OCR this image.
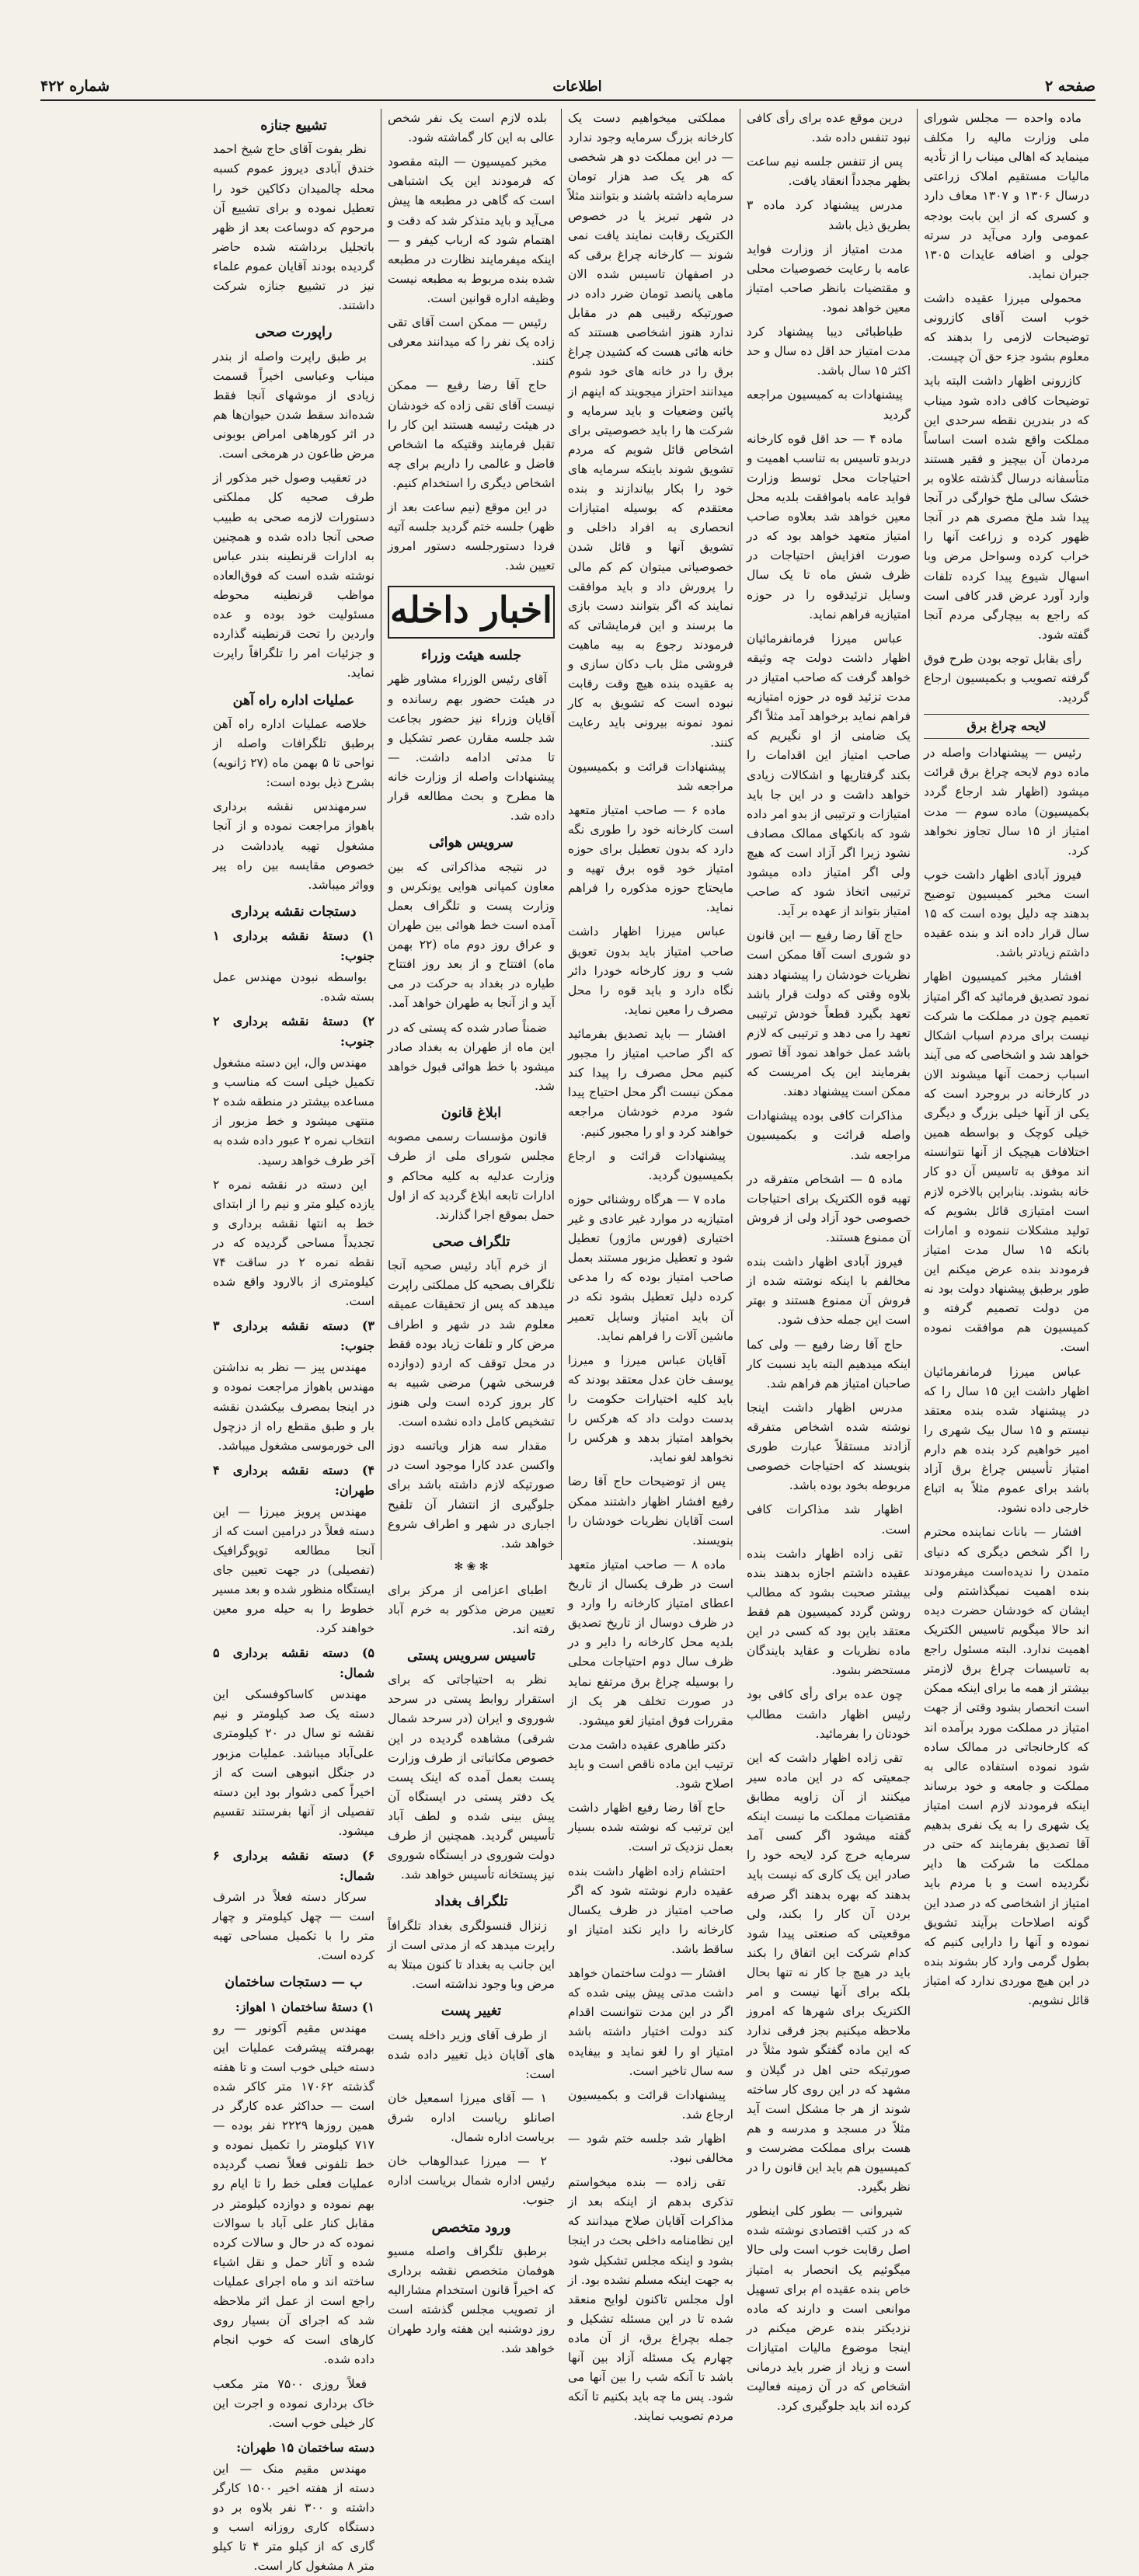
صفحه ۲
اطلاعات
شماره ۴۲۲

ماده واحده — مجلس شورای ملی وزارت مالیه را مکلف مینماید که اهالی میناب را از تأدیه مالیات مستقیم املاک زراعتی درسال ۱۳۰۶ و ۱۳۰۷ معاف دارد و کسری که از این بابت بودجه عمومی وارد می‌آید در سرته جولی و اضافه عایدات ۱۳۰۵ جبران نماید.

محمولی میرزا عقیده داشت خوب است آقای کازرونی توضیحات لازمی را بدهند که معلوم بشود جزء حق آن چیست.

کازرونی اظهار داشت البته باید توضیحات کافی داده شود میناب که در بندرین نقطه سرحدی این مملکت واقع شده است اساساً مردمان آن بیچیز و فقیر هستند متأسفانه درسال گذشته علاوه بر خشک سالی ملخ خوارگی در آنجا پیدا شد ملخ مصری هم در آنجا ظهور کرده و زراعت آنها را خراب کرده وسواحل مرض وبا اسهال شیوع پیدا کرده تلفات وارد آورد عرض قدر کافی است که راجع به بیچارگی مردم آنجا گفته شود.

رأی بقابل توجه بودن طرح فوق گرفته تصویب و بکمیسیون ارجاع گردید.

لایحه چراغ برق

رئیس — پیشنهادات واصله در ماده دوم لایحه چراغ برق قرائت میشود (اظهار شد ارجاع گردد بکمیسیون) ماده سوم — مدت امتیاز از ۱۵ سال تجاوز نخواهد کرد.

فیروز آبادی اظهار داشت خوب است مخبر کمیسیون توضیح بدهند چه دلیل بوده است که ۱۵ سال قرار داده اند و بنده عقیده داشتم زیادتر باشد.

افشار مخبر کمیسیون اظهار نمود تصدیق فرمائید که اگر امتیاز تعمیم چون در مملکت ما شرکت نیست برای مردم اسباب اشکال خواهد شد و اشخاصی که می آیند اسباب زحمت آنها میشوند الان در کارخانه در بروجرد است که یکی از آنها خیلی بزرگ و دیگری خیلی کوچک و بواسطه همین اختلافات هیچیک از آنها نتوانسته اند موفق به تاسیس آن دو کار خانه بشوند. بنابراین بالاخره لازم است امتیازی قائل بشویم که تولید مشکلات ننموده و امارات بانکه ۱۵ سال مدت امتیاز فرمودند بنده عرض میکنم این طور برطبق پیشنهاد دولت بود نه من دولت تصمیم گرفته و کمیسیون هم موافقت نموده است.

عباس میرزا فرمانفرمائیان اظهار داشت این ۱۵ سال را که در پیشنهاد شده بنده معتقد نیستم و ۱۵ سال بیک شهری را امیر خواهیم کرد بنده هم دارم امتیاز تأسیس چراغ برق آزاد باشد برای عموم مثلاً به اتباع خارجی داده نشود.

افشار — بانات نماینده محترم را اگر شخص دیگری که دنیای متمدن را ندیده‌است میفرمودند بنده اهمیت نمیگذاشتم ولی ایشان که خودشان حضرت دیده اند حالا میگویم تاسیس الکتریک اهمیت ندارد. البته مسئول راجع به تاسیسات چراغ برق لازمتر بیشتر از همه ما برای اینکه ممکن است انحصار بشود وقتی از جهت امتیاز در مملکت مورد برآمده اند که کارخانجاتی در ممالک ساده شود نموده استفاده عالی به مملکت و جامعه و خود برساند اینکه فرمودند لازم است امتیاز یک شهری را به یک نفری بدهیم آقا تصدیق بفرمایند که حتی در مملکت ما شرکت ها دایر نگردیده است و با مردم باید امتیاز از اشخاصی که در صدد این گونه اصلاحات برآیند تشویق نموده و آنها را دارایی کنیم که بطول گرمی وارد کار بشوند بنده در این هیچ موردی ندارد که امتیاز قائل نشویم.

درین موقع عده برای رأی کافی نبود تنفس داده شد.

پس از تنفس جلسه نیم ساعت بظهر مجدداً انعقاد یافت.

مدرس پیشنهاد کرد ماده ۳ بطریق ذیل باشد

مدت امتیاز از وزارت فواید عامه با رعایت خصوصیات محلی و مقتضیات بانظر صاحب امتیاز معین خواهد نمود.

طباطبائی دیبا پیشنهاد کرد مدت امتیاز حد اقل ده سال و حد اکثر ۱۵ سال باشد.

پیشنهادات به کمیسیون مراجعه گردید

ماده ۴ — حد اقل قوه کارخانه دربدو تاسیس به تناسب اهمیت و احتیاجات محل توسط وزارت فواید عامه باموافقت بلدیه محل معین خواهد شد بعلاوه صاحب امتیاز متعهد خواهد بود که در صورت افزایش احتیاجات در ظرف شش ماه تا یک سال وسایل تزئیدقوه را در حوزه امتیازیه فراهم نماید.

عباس میرزا فرمانفرمائیان اظهار داشت دولت چه وثیقه خواهد گرفت که صاحب امتیاز در مدت تزئید قوه در حوزه امتیازیه فراهم نماید برخواهد آمد مثلاً اگر یک ضامنی از او نگیریم که صاحب امتیاز این اقدامات را بکند گرفتاریها و اشکالات زیادی خواهد داشت و در این جا باید امتیازات و ترتیبی از بدو امر داده شود که بانکهای ممالک مصادف نشود زیرا اگر آزاد است که هیچ ولی اگر امتیاز داده میشود ترتیبی اتخاذ شود که صاحب امتیاز بتواند از عهده بر آید.

حاج آقا رضا رفیع — این قانون دو شوری است آقا ممکن است نظریات خودشان را پیشنهاد دهند بلاوه وقتی که دولت قرار باشد تعهد بگیرد قطعاً خودش ترتیبی تعهد را می دهد و ترتیبی که لازم باشد عمل خواهد نمود آقا تصور بفرمایند این یک امریست که ممکن است پیشنهاد دهند.

مذاکرات کافی بوده پیشنهادات واصله قرائت و بکمیسیون مراجعه شد.

ماده ۵ — اشخاص متفرقه در تهیه قوه الکتریک برای احتیاجات خصوصی خود آزاد ولی از فروش آن ممنوع هستند.

فیروز آبادی اظهار داشت بنده مخالفم با اینکه نوشته شده از فروش آن ممنوع هستند و بهتر است این جمله حذف شود.

حاج آقا رضا رفیع — ولی کما اینکه میدهیم البته باید نسبت کار صاحبان امتیاز هم فراهم شد.

مدرس اظهار داشت اینجا نوشته شده اشخاص متفرقه آزادند مستقلاً عبارت طوری بنویسند که احتیاجات خصوصی مربوطه بخود بوده باشد.

اظهار شد مذاکرات کافی است.

تقی زاده اظهار داشت بنده عقیده داشتم اجازه بدهند بنده بیشتر صحبت بشود که مطالب روشن گردد کمیسیون هم فقط معتقد باین بود که کسی در این ماده نظریات و عقاید بایندگان مستحضر بشود.

چون عده برای رأی کافی بود رئیس اظهار داشت مطالب خودتان را بفرمائید.

تقی زاده اظهار داشت که این جمعیتی که در این ماده سیر میکنند از آن زاویه مطابق مقتضیات مملکت ما نیست اینکه گفته میشود اگر کسی آمد سرمایه خرج کرد لایحه خود را صادر این یک کاری که نیست باید بدهند که بهره بدهند اگر صرفه بردن آن کار را بکند، ولی موقعیتی که صنعتی پیدا شود کدام شرکت این اتفاق را بکند باید در هیچ جا کار نه تنها بحال بلکه برای آنها نیست و امر الکتریک برای شهرها که امروز ملاحظه میکنیم بجز فرقی ندارد که این ماده گفتگو شود مثلاً در صورتیکه حتی اهل در گیلان و مشهد که در این روی کار ساخته شوند از هر جا مشکل است آید مثلاً در مسجد و مدرسه و هم هست برای مملکت مضرست و کمیسیون هم باید این قانون را در نظر بگیرد.

شیروانی — بطور کلی اینطور که در کتب اقتصادی نوشته شده اصل رقابت خوب است ولی حالا میگوئیم یک انحصار به امتیاز خاص بنده عقیده ام برای تسهیل موانعی است و دارند که ماده نزدیکتر بنده عرض میکنم در اینجا موضوع مالیات امتیازات است و زیاد از ضرر باید درمانی اشخاص که در آن زمینه فعالیت کرده اند باید جلوگیری کرد.

مملکتی میخواهیم دست یک کارخانه بزرگ سرمایه وجود ندارد — در این مملکت دو هر شخصی که هر یک صد هزار تومان سرمایه داشته باشند و بتوانند مثلاً در شهر تبریز یا در خصوص الکتریک رقابت نمایند یافت نمی شوند — کارخانه چراغ برقی که در اصفهان تاسیس شده الان ماهی پانصد تومان ضرر داده در صورتیکه رقیبی هم در مقابل ندارد هنوز اشخاصی هستند که خانه هائی هست که کشیدن چراغ برق را در خانه های خود شوم میدانند احتراز میجویند که اینهم از پائین وضعیات و باید سرمایه و شرکت ها را باید خصوصیتی برای اشخاص قائل شویم که مردم تشویق شوند باینکه سرمایه های خود را بکار بیاندازند و بنده معتقدم که بوسیله امتیازات انحصاری به افراد داخلی و تشویق آنها و قائل شدن خصوصیاتی میتوان کم کم مالی را پرورش داد و باید موافقت نمایند که اگر بتوانند دست بازی ما برسند و این فرمایشاتی که فرمودند رجوع به بیه ماهیت فروشی مثل باب دکان سازی و به عقیده بنده هیچ وقت رقابت نبوده است که تشویق به کار نمود نمونه بیرونی باید رعایت کنند.

پیشنهادات قرائت و بکمیسیون مراجعه شد

ماده ۶ — صاحب امتیاز متعهد است کارخانه خود را طوری نگه دارد که بدون تعطیل برای حوزه امتیاز خود قوه برق تهیه و مایحتاج حوزه مذکوره را فراهم نماید.

عباس میرزا اظهار داشت صاحب امتیاز باید بدون تعویق شب و روز کارخانه خودرا دائر نگاه دارد و باید قوه را محل مصرف را معین نماید.

افشار — باید تصدیق بفرمائید که اگر صاحب امتیاز را مجبور کنیم محل مصرف را پیدا کند ممکن نیست اگر محل احتیاج پیدا شود مردم خودشان مراجعه خواهند کرد و او را مجبور کنیم.

پیشنهادات قرائت و ارجاع بکمیسیون گردید.

ماده ۷ — هرگاه روشنائی حوزه امتیازیه در موارد غیر عادی و غیر اختیاری (فورس ماژور) تعطیل شود و تعطیل مزبور مستند بعمل صاحب امتیاز بوده که را مدعی کرده دلیل تعطیل بشود نکه در آن باید امتیاز وسایل تعمیر ماشین آلات را فراهم نماید.

آقایان عباس میرزا و میرزا یوسف خان عدل معتقد بودند که باید کلیه اختیارات حکومت را بدست دولت داد که هرکس را بخواهد امتیاز بدهد و هرکس را نخواهد لغو نماید.

پس از توضیحات حاج آقا رضا رفیع افشار اظهار داشتند ممکن است آقایان نظریات خودشان را بنویسند.

ماده ۸ — صاحب امتیاز متعهد است در ظرف یکسال از تاریخ اعطای امتیاز کارخانه را وارد و در ظرف دوسال از تاریخ تصدیق بلدیه محل کارخانه را دایر و در ظرف سال دوم احتیاجات محلی را بوسیله چراغ برق مرتفع نماید در صورت تخلف هر یک از مقررات فوق امتیاز لغو میشود.

دکتر طاهری عقیده داشت مدت ترتیب این ماده ناقص است و باید اصلاح شود.

حاج آقا رضا رفیع اظهار داشت این ترتیب که نوشته شده بسیار بعمل نزدیک تر است.

احتشام زاده اظهار داشت بنده عقیده دارم نوشته شود که اگر صاحب امتیاز در ظرف یکسال کارخانه را دایر نکند امتیاز او ساقط باشد.

افشار — دولت ساختمان خواهد داشت مدتی پیش بینی شده که اگر در این مدت نتوانست اقدام کند دولت اختیار داشته باشد امتیاز او را لغو نماید و بیفایده سه سال تاخیر است.

پیشنهادات قرائت و بکمیسیون ارجاع شد.

اظهار شد جلسه ختم شود — مخالفی نبود.

تقی زاده — بنده میخواستم تذکری بدهم از اینکه بعد از مذاکرات آقایان صلاح میدانند که این نظامنامه داخلی بحث در اینجا بشود و اینکه مجلس تشکیل شود به جهت اینکه مسلم نشده بود. از اول مجلس تاکنون لوایح منعقد شده تا در این مسئله تشکیل و جمله بچراغ برق، از آن ماده چهارم یک مسئله آزاد بین آنها باشد تا آنکه شب را بین آنها می شود. پس ما چه باید بکنیم تا آنکه مردم تصویب نمایند.

بلده لازم است یک نفر شخص عالی به این کار گماشته شود.

مخبر کمیسیون — البته مقصود که فرمودند این یک اشتباهی است که گاهی در مطبعه ها پیش می‌آید و باید متذکر شد که دقت و اهتمام شود که ارباب کیفر و — اینکه میفرمایند نظارت در مطبعه شده بنده مربوط به مطبعه نیست وظیفه اداره قوانین است.

رئیس — ممکن است آقای تقی زاده یک نفر را که میدانند معرفی کنند.

حاج آقا رضا رفیع — ممکن نیست آقای تقی زاده که خودشان در هیئت رئیسه هستند این کار را تقبل فرمایند وقتیکه ما اشخاص فاضل و عالمی را داریم برای چه اشخاص دیگری را استخدام کنیم.

در این موقع (نیم ساعت بعد از ظهر) جلسه ختم گردید جلسه آتیه فردا دستورجلسه دستور امروز تعیین شد.

اخبار داخله
جلسه هیئت وزراء

آقای رئیس الوزراء مشاور ظهر در هیئت حضور بهم رسانده و آقایان وزراء نیز حضور بجاعت شد جلسه مقارن عصر تشکیل و تا مدتی ادامه داشت. — پیشنهادات واصله از وزارت خانه ها مطرح و بحث مطالعه قرار داده شد.

سرویس هوائی

در نتیجه مذاکراتی که بین معاون کمپانی هوایی یونکرس و وزارت پست و تلگراف بعمل آمده است خط هوائی بین طهران و عراق روز دوم ماه (۲۲ بهمن ماه) افتتاح و از بعد روز افتتاح طیاره در بغداد به حرکت در می آید و از آنجا به طهران خواهد آمد.

ضمناً صادر شده که پستی که در این ماه از طهران به بغداد صادر میشود با خط هوائی قبول خواهد شد.

ابلاغ قانون

قانون مؤسسات رسمی مصوبه مجلس شورای ملی از طرف وزارت عدلیه به کلیه محاکم و ادارات تابعه ابلاغ گردید که از اول حمل بموقع اجرا گذارند.

تلگراف صحی

از خرم آباد رئیس صحیه آنجا تلگراف بصحیه کل مملکتی راپرت میدهد که پس از تحقیقات عمیقه معلوم شد در شهر و اطراف مرض کار و تلفات زیاد بوده فقط در محل توقف که اردو (دوازده فرسخی شهر) مرضی شبیه به کار بروز کرده است ولی هنوز تشخیص کامل داده نشده است.

مقدار سه هزار ویاتسه دوز واکسن عدد کارا موجود است در صورتیکه لازم داشته باشد برای جلوگیری از انتشار آن تلقیح اجباری در شهر و اطراف شروع خواهد شد.

✻ ❀ ✻

اطبای اعزامی از مرکز برای تعیین مرض مذکور به خرم آباد رفته اند.

تاسیس سرویس پستی

نظر به احتیاجاتی که برای استقرار روابط پستی در سرحد شوروی و ایران (در سرحد شمال شرقی) مشاهده گردیده در این خصوص مکاتباتی از طرف وزارت پست بعمل آمده که اینک پست یک دفتر پستی در ایستگاه آن پیش بینی شده و لطف آباد تأسیس گردید. همچنین از طرف دولت شوروی در ایستگاه شوروی نیز پستخانه تأسیس خواهد شد.

تلگراف بغداد

زنزال قنسولگری بغداد تلگرافاً راپرت میدهد که از مدتی است از این جانب به بغداد تا کنون مبتلا به مرض وبا وجود نداشته است.

تغییر پست

از طرف آقای وزیر داخله پست های آقایان ذیل تغییر داده شده است:

۱ — آقای میرزا اسمعیل خان اصانلو ریاست اداره شرق بریاست اداره شمال.

۲ — میرزا عبدالوهاب خان رئیس اداره شمال بریاست اداره جنوب.

ورود متخصص

برطبق تلگراف واصله مسیو هوفمان متخصص نقشه برداری که اخیراً قانون استخدام مشارالیه از تصویب مجلس گذشته است روز دوشنبه این هفته وارد طهران خواهد شد.

تشییع جنازه

نظر بفوت آقای حاج شیخ احمد خندق آبادی دیروز عموم کسبه محله چالمیدان دکاکین خود را تعطیل نموده و برای تشییع آن مرحوم که دوساعت بعد از ظهر باتجلیل برداشته شده حاضر گردیده بودند آقایان عموم علماء نیز در تشییع جنازه شرکت داشتند.

راپورت صحی

بر طبق راپرت واصله از بندر میناب وعباسی اخیراً قسمت زیادی از موشهای آنجا فقط شده‌اند سقط شدن حیوان‌ها هم در اثر کورها‌هی امراض بوبونی مرض طاعون در هرمخی است.

در تعقیب وصول خبر مذکور از طرف صحیه کل مملکتی دستورات لازمه صحی به طبیب صحی آنجا داده شده و همچنین به ادارات قرنطینه بندر عباس نوشته شده است که فوق‌العاده مواظب قرنطینه محوطه مسئولیت خود بوده و عده واردین را تحت قرنطینه گذارده و جزئیات امر را تلگرافاً راپرت نماید.

عملیات اداره راه آهن

خلاصه عملیات اداره راه آهن برطبق تلگرافات واصله از نواحی تا ۵ بهمن ماه (۲۷ ژانویه) بشرح ذیل بوده است:

سرمهندس نقشه برداری باهواز مراجعت نموده و از آنجا مشغول تهیه یادداشت در خصوص مقایسه بین راه پیر وواثر میباشد.

دستجات نقشه برداری
۱) دستهٔ نقشه برداری ۱ جنوب:

بواسطه نبودن مهندس عمل بسته شده.

۲) دستهٔ نقشه برداری ۲ جنوب:

مهندس وال، این دسته مشغول تکمیل خیلی است که مناسب و مساعده بیشتر در منطقه شده ۲ منتهی میشود و خط مزبور از انتخاب نمره ۲ عبور داده شده به آخر طرف خواهد رسید.

این دسته در نقشه نمره ۲ یازده کیلو متر و نیم را از ابتدای خط به انتها نقشه برداری و تجدیداً مساحی گردیده که در نقطه نمره ۲ در ساقت ۷۴ کیلومتری از بالارود واقع شده است.

۳) دسته نقشه برداری ۳ جنوب:

مهندس پیز — نظر به نداشتن مهندس باهواز مراجعت نموده و در اینجا بمصرف بیکشدن نقشه بار و طبق مقطع راه از دزچول الی خورموسی مشغول میباشد.

۴) دسته نقشه برداری ۴ طهران:

مهندس پرویز میرزا — این دسته فعلاً در درامین است که از آنجا مطالعه توپوگرافیک (تفصیلی) در جهت تعیین جای ایستگاه منظور شده و بعد مسیر خطوط را به حیله مرو معین خواهند کرد.

۵) دسته نقشه برداری ۵ شمال:

مهندس کاساکوفسکی این دسته یک صد کیلومتر و نیم نقشه تو سال در ۲۰ کیلومتری علی‌آباد میباشد. عملیات مزبور در جنگل انبوهی است که از اخیراً کمی دشوار بود این دسته تفصیلی از آنها بفرستند تقسیم میشود.

۶) دسته نقشه برداری ۶ شمال:

سرکار دسته فعلاً در اشرف است — چهل کیلومتر و چهار متر را با تکمیل مساحی تهیه کرده است.

ب — دستجات ساختمان
۱) دستهٔ ساختمان ۱ اهواز:

مهندس مقیم آکونور — رو بهمرفته پیشرفت عملیات این دسته خیلی خوب است و تا هفته گذشته ۱۷۰۶۲ متر کاکر شده است — حداکثر عده کارگر در همین روزها ۲۲۲۹ نفر بوده — ۷۱۷ کیلومتر را تکمیل نموده و خط تلفونی فعلاً نصب گردیده عملیات فعلی خط را تا ایام رو بهم نموده و دوازده کیلومتر در مقابل کنار علی آباد با سوالات نموده که در حال و سالات کرده شده و آثار حمل و نقل اشیاء ساخته اند و ماه اجرای عملیات راجع است از عمل اثر ملاحظه شد که اجرای آن بسیار روی کارهای است که خوب انجام داده شده.

فعلاً روزی ۷۵۰۰ متر مکعب خاک برداری نموده و اجرت این کار خیلی خوب است.

دسته ساختمان ۱۵ طهران:

مهندس مقیم منک — این دسته از هفته اخیر ۱۵۰۰ کارگر داشته و ۳۰۰ نفر بلاوه بر دو دستگاه کاری روزانه اسب و گاری که از کیلو متر ۴ تا کیلو متر ۸ مشغول کار است.
